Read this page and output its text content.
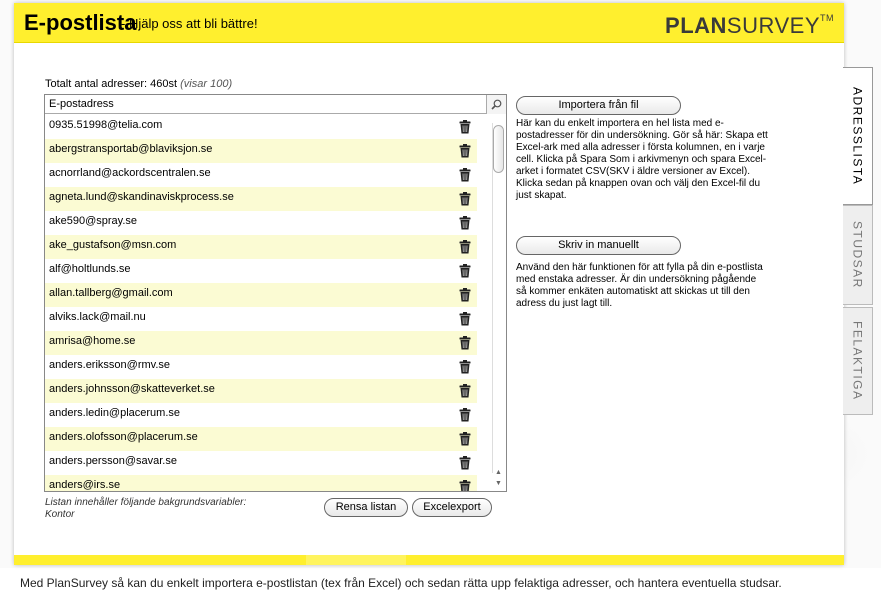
E-postlista
- Hjälp oss att bli bättre!	PLANSURVEY™
Totalt antal adresser: 460st (visar 100)
E-postadress
0935.51998@telia.com
abergstransportab@blaviksjon.se
acnorrland@ackordscentralen.se
agneta.lund@skandinaviskprocess.se
ake590@spray.se
ake_gustafson@msn.com
alf@holtlunds.se
allan.tallberg@gmail.com
alviks.lack@mail.nu
amrisa@home.se
anders.eriksson@rmv.se
anders.johnsson@skatteverket.se
anders.ledin@placerum.se
anders.olofsson@placerum.se
anders.persson@savar.se
anders@irs.se
▲
▼
Listan innehåller följande bakgrundsvariabler:
Kontor
Rensa listan	Excelexport
Importera från fil
Här kan du enkelt importera en hel lista med e-postadresser för din undersökning. Gör så här: Skapa ett Excel-ark med alla adresser i första kolumnen, en i varje cell. Klicka på Spara Som i arkivmenyn och spara Excel-arket i formatet CSV(SKV i äldre versioner av Excel). Klicka sedan på knappen ovan och välj den Excel-fil du just skapat.
Skriv in manuellt
Använd den här funktionen för att fylla på din e-postlista med enstaka adresser. Är din undersökning pågående så kommer enkäten automatiskt att skickas ut till den adress du just lagt till.
ADRESSLISTA
STUDSAR
FELAKTIGA
Med PlanSurvey så kan du enkelt importera e-postlistan (tex från Excel) och sedan rätta upp felaktiga adresser, och hantera eventuella studsar.
